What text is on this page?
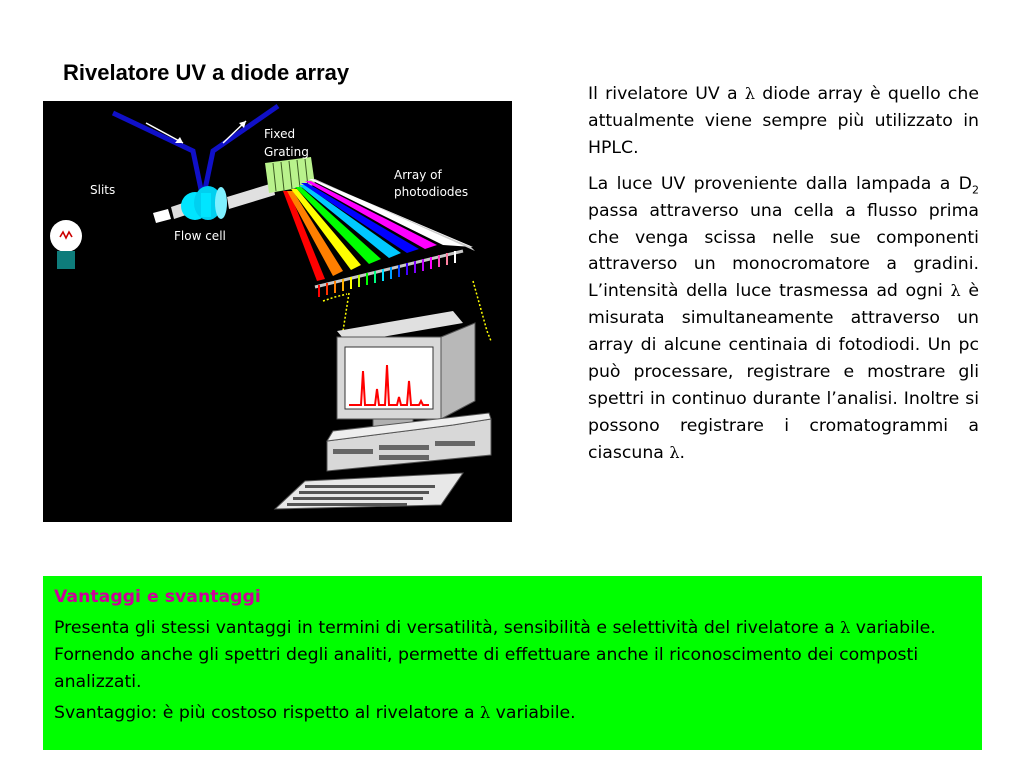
Rivelatore UV a diode array
Fixed
Grating
Slits
Array of
photodiodes
Flow cell

Il rivelatore UV a λ diode array è quello che attualmente viene sempre più utilizzato in HPLC.

La luce UV proveniente dalla lampada a $D_2$ passa attraverso una cella a flusso prima che venga scissa nelle sue componenti attraverso un monocromatore a gradini. L’intensità della luce trasmessa ad ogni λ è misurata simultaneamente attraverso un array di alcune centinaia di fotodiodi. Un pc può processare, registrare e mostrare gli spettri in continuo durante l’analisi. Inoltre si possono registrare i cromatogrammi a ciascuna λ.

Vantaggi e svantaggi

Presenta gli stessi vantaggi in termini di versatilità, sensibilità e selettività del rivelatore a λ variabile. Fornendo anche gli spettri degli analiti, permette di effettuare anche il riconoscimento dei composti analizzati.

Svantaggio: è più costoso rispetto al rivelatore a λ variabile.
